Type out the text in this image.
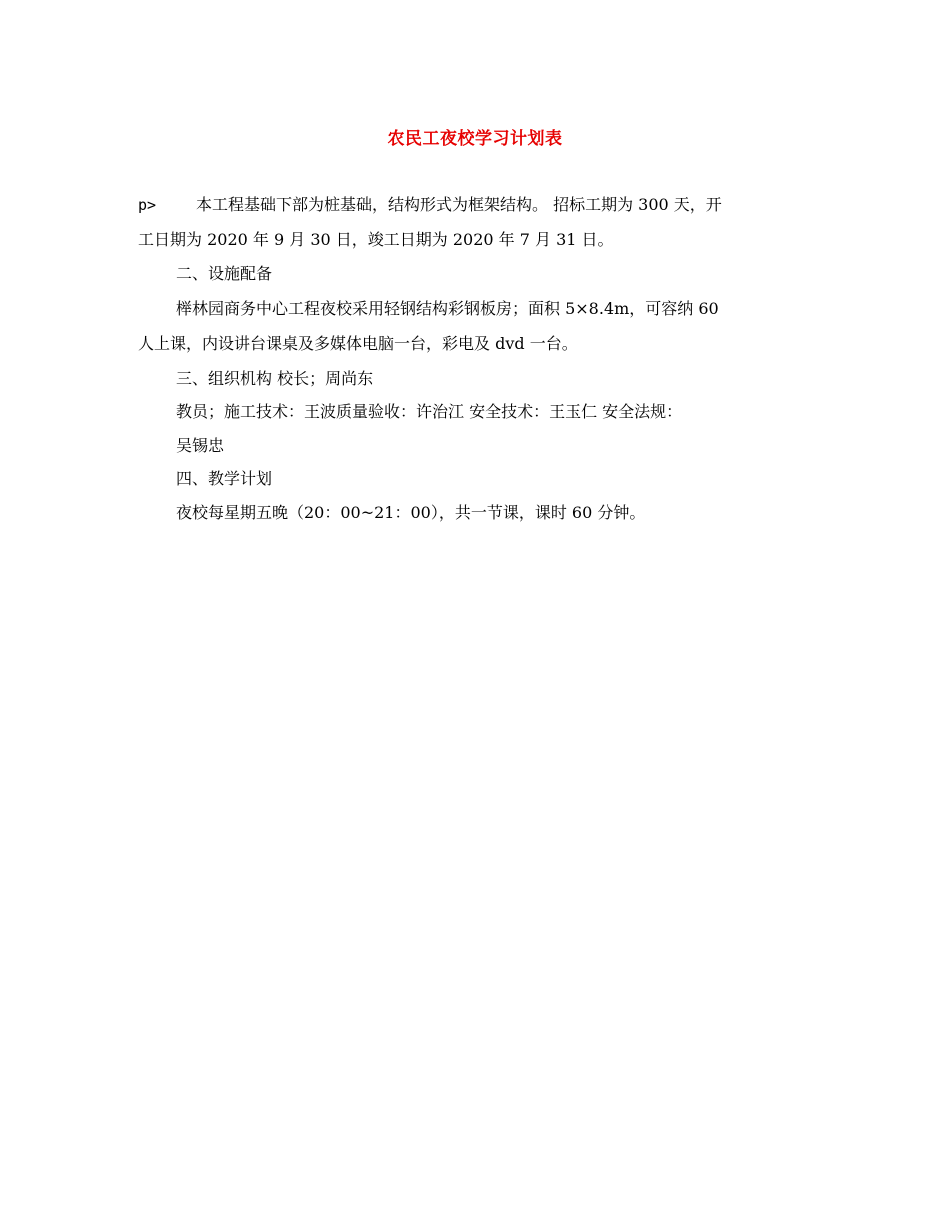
农民工夜校学习计划表
p> 本工程基础下部为桩基础，结构形式为框架结构。 招标工期为 300 天，开
工日期为 2020 年 9 月 30 日，竣工日期为 2020 年 7 月 31 日。
二、设施配备
榉林园商务中心工程夜校采用轻钢结构彩钢板房；面积 5×8.4m，可容纳 60
人上课，内设讲台课桌及多媒体电脑一台，彩电及 dvd 一台。
三、组织机构 校长；周尚东
教员；施工技术：王波质量验收：许治江 安全技术：王玉仁 安全法规：
吴锡忠
四、教学计划
夜校每星期五晚（20：00~21：00），共一节课，课时 60 分钟。
